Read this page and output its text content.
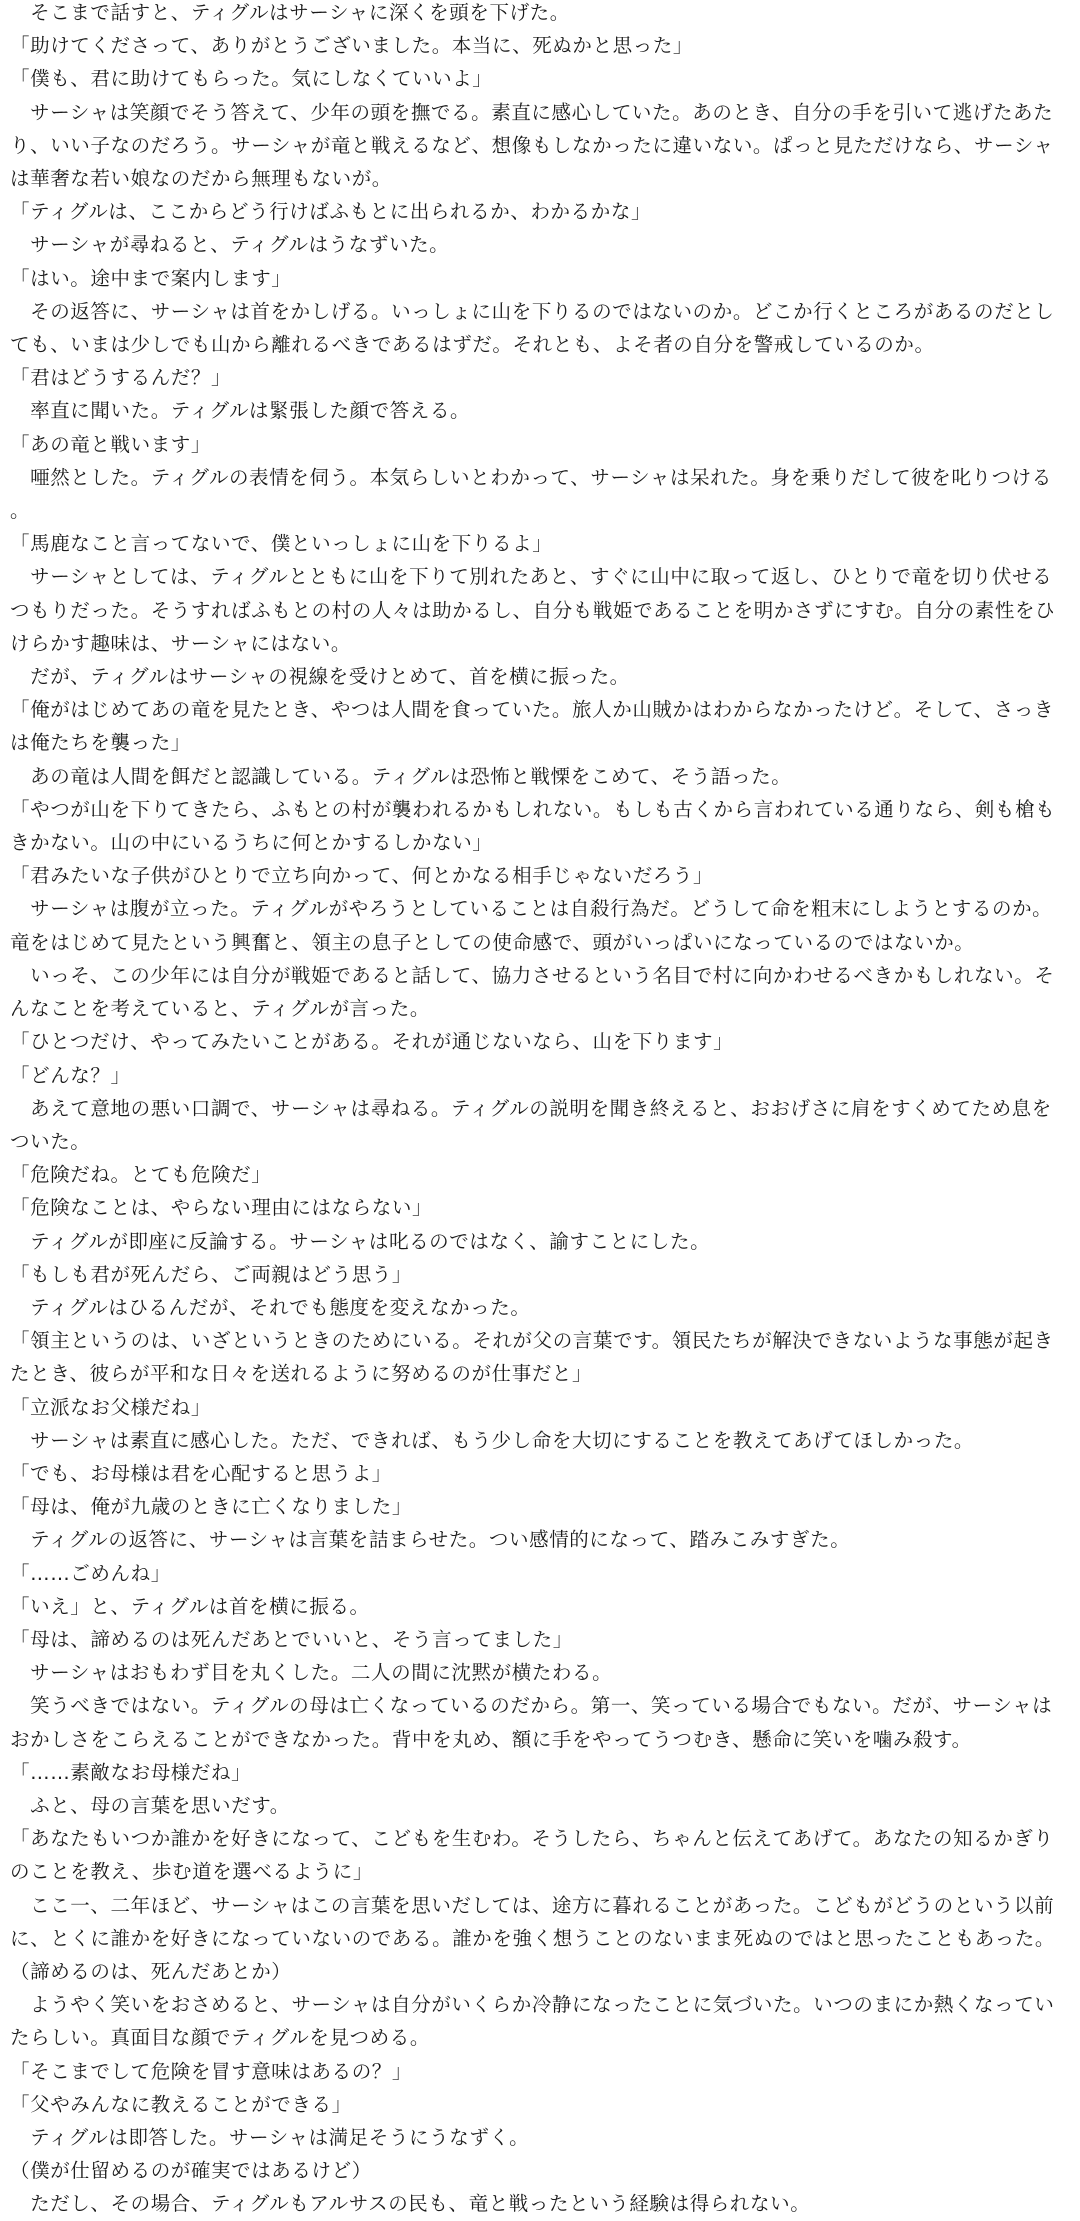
　そこまで話すと、ティグルはサーシャに深くを頭を下げた。

「助けてくださって、ありがとうございました。本当に、死ぬかと思った」

「僕も、君に助けてもらった。気にしなくていいよ」

　サーシャは笑顔でそう答えて、少年の頭を撫でる。素直に感心していた。あのとき、自分の手を引いて逃げたあたり、いい子なのだろう。サーシャが竜と戦えるなど、想像もしなかったに違いない。ぱっと見ただけなら、サーシャは華奢な若い娘なのだから無理もないが。

「ティグルは、ここからどう行けばふもとに出られるか、わかるかな」

　サーシャが尋ねると、ティグルはうなずいた。

「はい。途中まで案内します」

　その返答に、サーシャは首をかしげる。いっしょに山を下りるのではないのか。どこか行くところがあるのだとしても、いまは少しでも山から離れるべきであるはずだ。それとも、よそ者の自分を警戒しているのか。

「君はどうするんだ？」

　率直に聞いた。ティグルは緊張した顔で答える。

「あの竜と戦います」

　唖然とした。ティグルの表情を伺う。本気らしいとわかって、サーシャは呆れた。身を乗りだして彼を叱りつける。

「馬鹿なこと言ってないで、僕といっしょに山を下りるよ」

　サーシャとしては、ティグルとともに山を下りて別れたあと、すぐに山中に取って返し、ひとりで竜を切り伏せるつもりだった。そうすればふもとの村の人々は助かるし、自分も戦姫であることを明かさずにすむ。自分の素性をひけらかす趣味は、サーシャにはない。

　だが、ティグルはサーシャの視線を受けとめて、首を横に振った。

「俺がはじめてあの竜を見たとき、やつは人間を食っていた。旅人か山賊かはわからなかったけど。そして、さっきは俺たちを襲った」

　あの竜は人間を餌だと認識している。ティグルは恐怖と戦慄をこめて、そう語った。

「やつが山を下りてきたら、ふもとの村が襲われるかもしれない。もしも古くから言われている通りなら、剣も槍もきかない。山の中にいるうちに何とかするしかない」

「君みたいな子供がひとりで立ち向かって、何とかなる相手じゃないだろう」

　サーシャは腹が立った。ティグルがやろうとしていることは自殺行為だ。どうして命を粗末にしようとするのか。竜をはじめて見たという興奮と、領主の息子としての使命感で、頭がいっぱいになっているのではないか。

　いっそ、この少年には自分が戦姫であると話して、協力させるという名目で村に向かわせるべきかもしれない。そんなことを考えていると、ティグルが言った。

「ひとつだけ、やってみたいことがある。それが通じないなら、山を下ります」

「どんな？」

　あえて意地の悪い口調で、サーシャは尋ねる。ティグルの説明を聞き終えると、おおげさに肩をすくめてため息をついた。

「危険だね。とても危険だ」

「危険なことは、やらない理由にはならない」

　ティグルが即座に反論する。サーシャは叱るのではなく、諭すことにした。

「もしも君が死んだら、ご両親はどう思う」

　ティグルはひるんだが、それでも態度を変えなかった。

「領主というのは、いざというときのためにいる。それが父の言葉です。領民たちが解決できないような事態が起きたとき、彼らが平和な日々を送れるように努めるのが仕事だと」

「立派なお父様だね」

　サーシャは素直に感心した。ただ、できれば、もう少し命を大切にすることを教えてあげてほしかった。

「でも、お母様は君を心配すると思うよ」

「母は、俺が九歳のときに亡くなりました」

　ティグルの返答に、サーシャは言葉を詰まらせた。つい感情的になって、踏みこみすぎた。

「……ごめんね」

「いえ」と、ティグルは首を横に振る。

「母は、諦めるのは死んだあとでいいと、そう言ってました」

　サーシャはおもわず目を丸くした。二人の間に沈黙が横たわる。

　笑うべきではない。ティグルの母は亡くなっているのだから。第一、笑っている場合でもない。だが、サーシャはおかしさをこらえることができなかった。背中を丸め、額に手をやってうつむき、懸命に笑いを噛み殺す。

「……素敵なお母様だね」

　ふと、母の言葉を思いだす。

「あなたもいつか誰かを好きになって、こどもを生むわ。そうしたら、ちゃんと伝えてあげて。あなたの知るかぎりのことを教え、歩む道を選べるように」

　ここ一、二年ほど、サーシャはこの言葉を思いだしては、途方に暮れることがあった。こどもがどうのという以前に、とくに誰かを好きになっていないのである。誰かを強く想うことのないまま死ぬのではと思ったこともあった。

（諦めるのは、死んだあとか）

　ようやく笑いをおさめると、サーシャは自分がいくらか冷静になったことに気づいた。いつのまにか熱くなっていたらしい。真面目な顔でティグルを見つめる。

「そこまでして危険を冒す意味はあるの？」

「父やみんなに教えることができる」

　ティグルは即答した。サーシャは満足そうにうなずく。

（僕が仕留めるのが確実ではあるけど）

　ただし、その場合、ティグルもアルサスの民も、竜と戦ったという経験は得られない。
